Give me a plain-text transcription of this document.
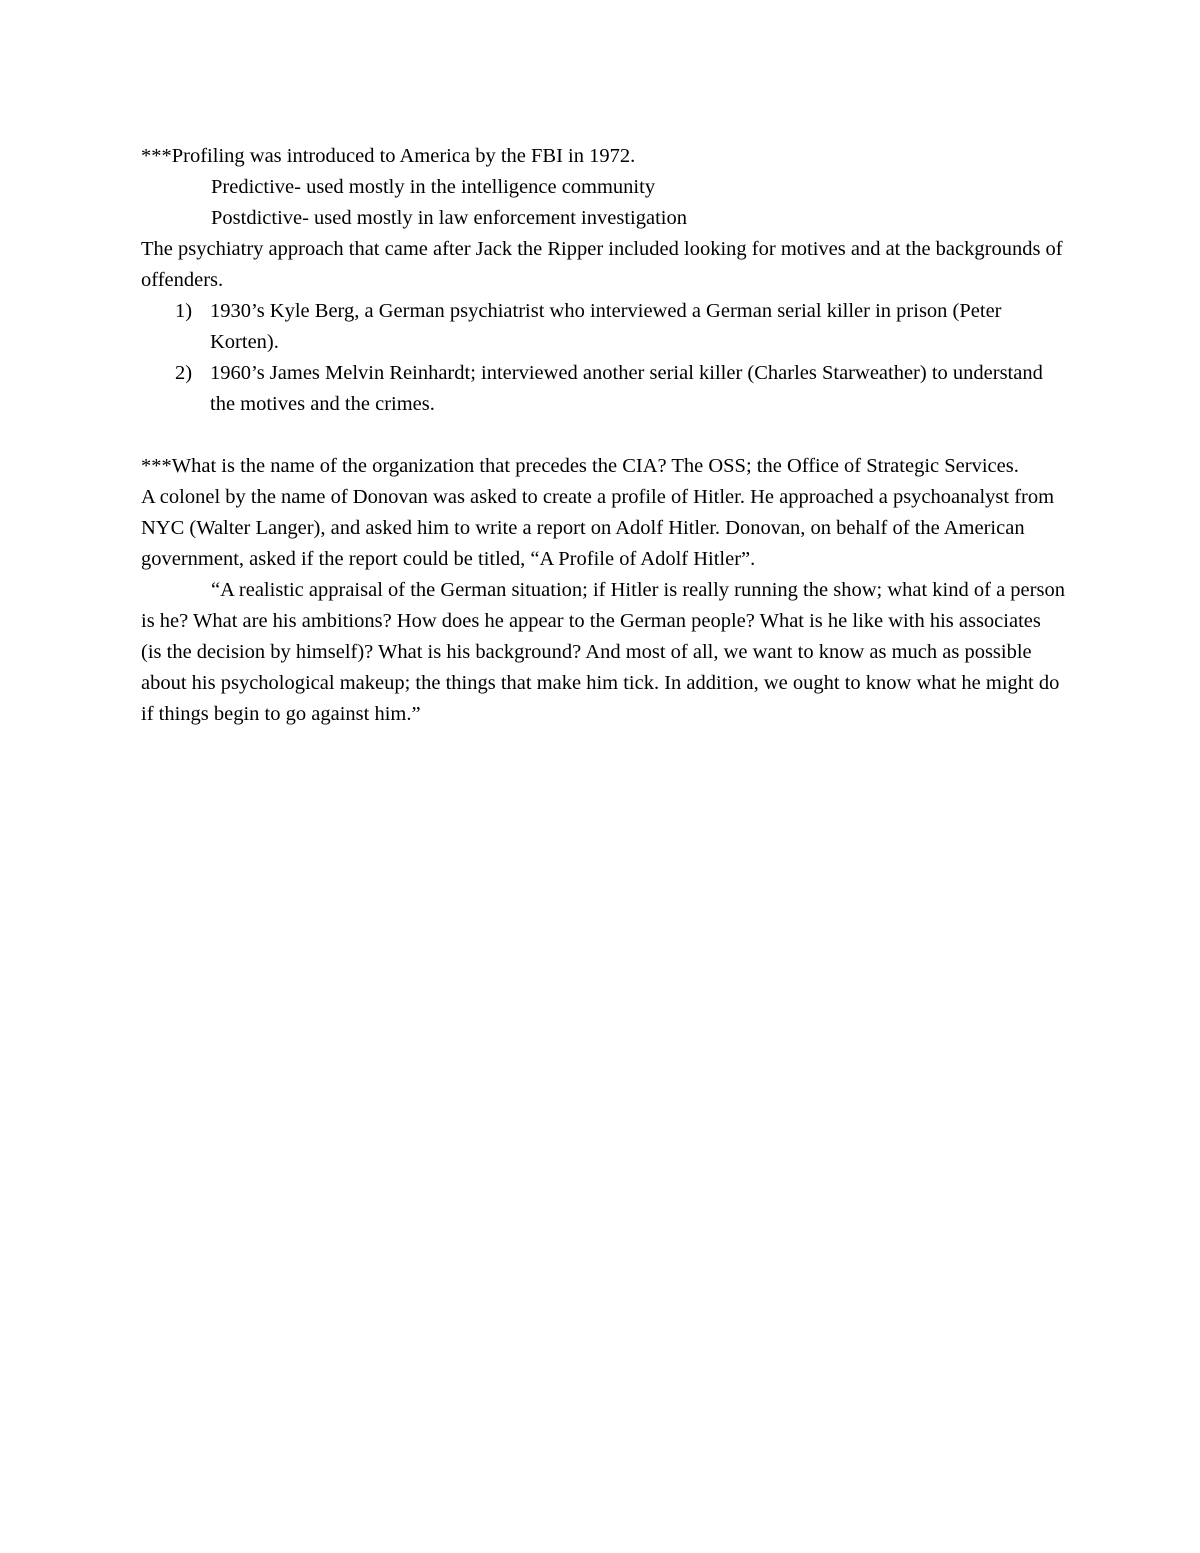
***Profiling was introduced to America by the FBI in 1972.

Predictive- used mostly in the intelligence community

Postdictive- used mostly in law enforcement investigation

The psychiatry approach that came after Jack the Ripper included looking for motives and at the backgrounds of offenders.

1) 1930’s Kyle Berg, a German psychiatrist who interviewed a German serial killer in prison (Peter Korten).
2) 1960’s James Melvin Reinhardt; interviewed another serial killer (Charles Starweather) to understand the motives and the crimes.

***What is the name of the organization that precedes the CIA? The OSS; the Office of Strategic Services.

A colonel by the name of Donovan was asked to create a profile of Hitler. He approached a psychoanalyst from NYC (Walter Langer), and asked him to write a report on Adolf Hitler. Donovan, on behalf of the American government, asked if the report could be titled, “A Profile of Adolf Hitler”.

“A realistic appraisal of the German situation; if Hitler is really running the show; what kind of a person is he? What are his ambitions? How does he appear to the German people? What is he like with his associates (is the decision by himself)? What is his background? And most of all, we want to know as much as possible about his psychological makeup; the things that make him tick. In addition, we ought to know what he might do if things begin to go against him.”
